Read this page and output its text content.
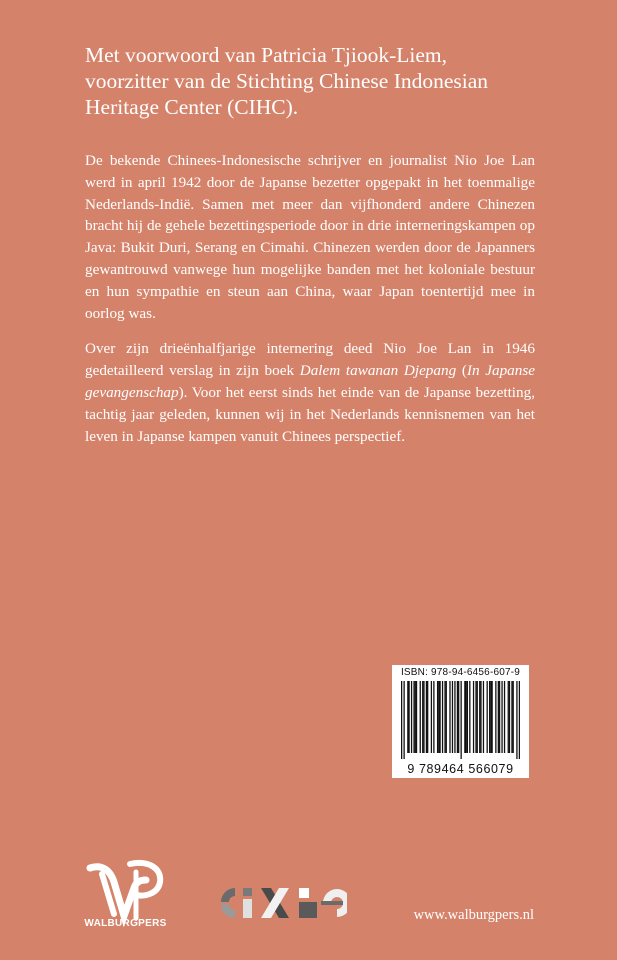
Met voorwoord van Patricia Tjiook-Liem,
voorzitter van de Stichting Chinese Indonesian
Heritage Center (CIHC).

De bekende Chinees-Indonesische schrijver en journalist Nio Joe Lan werd in april 1942 door de Japanse bezetter opgepakt in het toenmalige Nederlands-Indië. Samen met meer dan vijfhonderd andere Chinezen bracht hij de gehele bezettingsperiode door in drie interneringskampen op Java: Bukit Duri, Serang en Cimahi. Chinezen werden door de Japanners gewantrouwd vanwege hun mogelijke banden met het koloniale bestuur en hun sympathie en steun aan China, waar Japan toentertijd mee in oorlog was.

Over zijn drieënhalfjarige internering deed Nio Joe Lan in 1946 gedetailleerd verslag in zijn boek Dalem tawanan Djepang (In Japanse gevangenschap). Voor het eerst sinds het einde van de Japanse bezetting, tachtig jaar geleden, kunnen wij in het Nederlands kennisnemen van het leven in Japanse kampen vanuit Chinees perspectief.

ISBN: 978-94-6456-607-9
9 789464 566079
WALBURGPERS
www.walburgpers.nl
